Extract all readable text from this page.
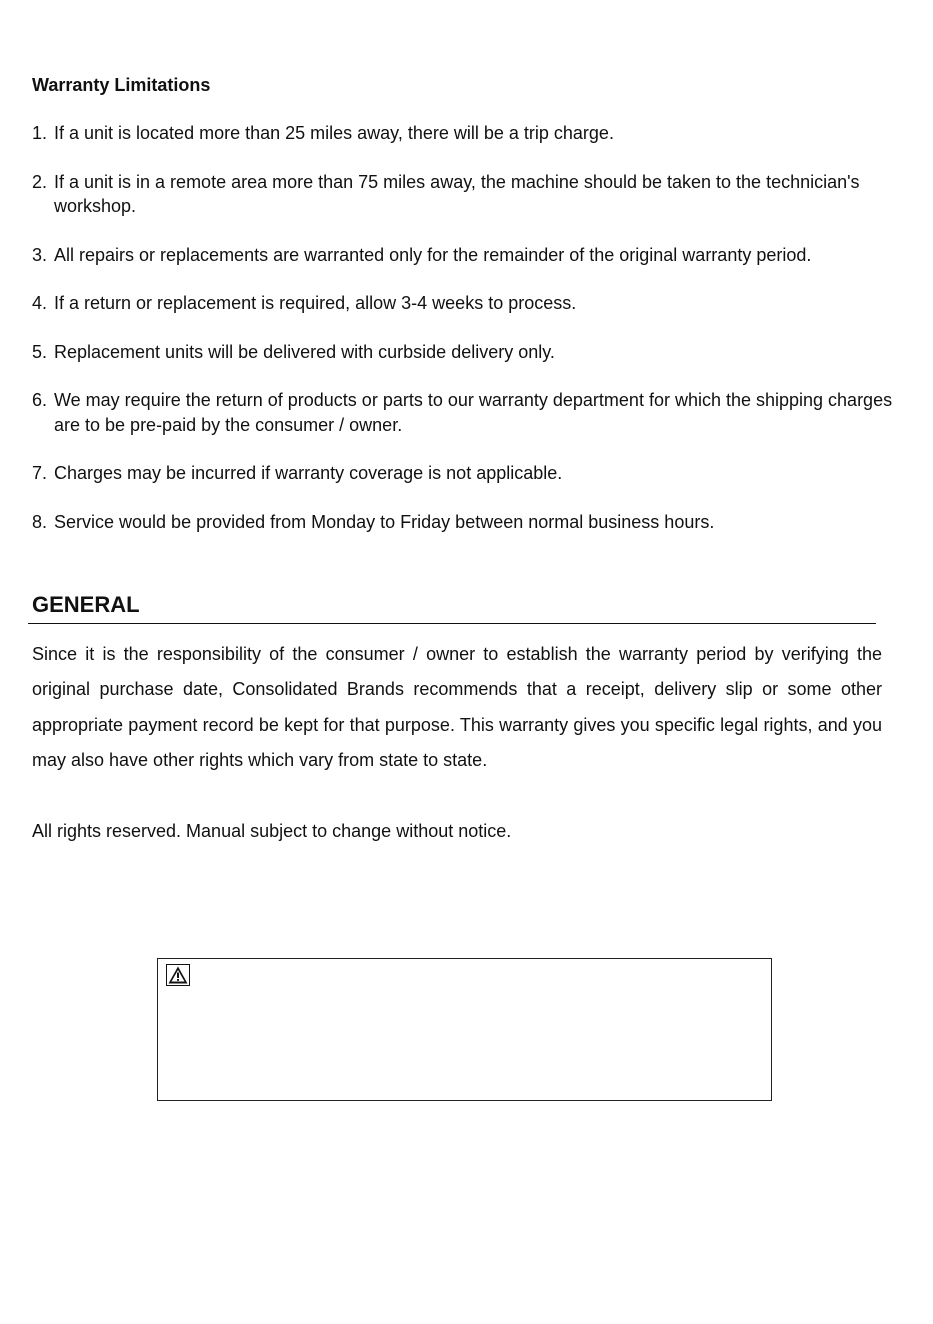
Warranty Limitations
1. If a unit is located more than 25 miles away, there will be a trip charge.
2. If a unit is in a remote area more than 75 miles away, the machine should be taken to the technician's workshop.
3. All repairs or replacements are warranted only for the remainder of the original warranty period.
4. If a return or replacement is required, allow 3-4 weeks to process.
5. Replacement units will be delivered with curbside delivery only.
6. We may require the return of products or parts to our warranty department for which the shipping charges are to be pre-paid by the consumer / owner.
7. Charges may be incurred if warranty coverage is not applicable.
8. Service would be provided from Monday to Friday between normal business hours.
GENERAL

Since it is the responsibility of the consumer / owner to establish the warranty period by verifying the original purchase date, Consolidated Brands recommends that a receipt, delivery slip or some other appropriate payment record be kept for that purpose. This warranty gives you specific legal rights, and you may also have other rights which vary from state to state.

All rights reserved. Manual subject to change without notice.
